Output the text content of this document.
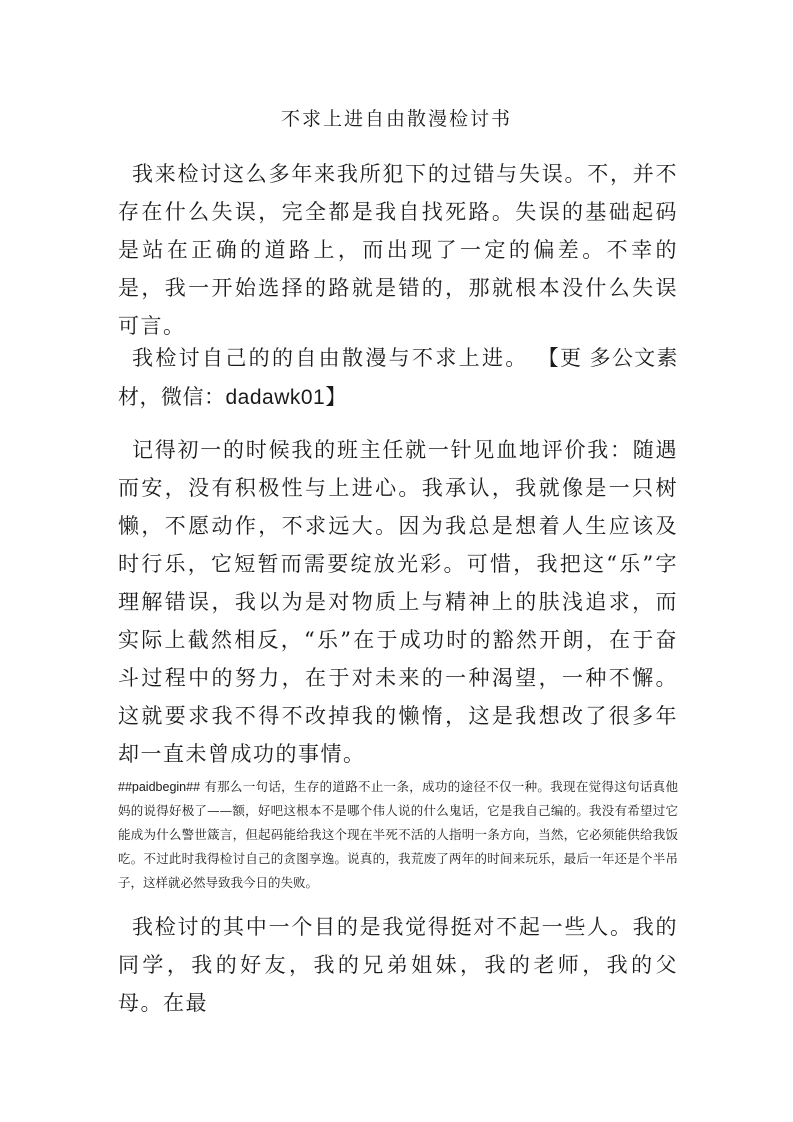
不求上进自由散漫检讨书

我来检讨这么多年来我所犯下的过错与失误。不，并不存在什么失误，完全都是我自找死路。失误的基础起码是站在正确的道路上，而出现了一定的偏差。不幸的是，我一开始选择的路就是错的，那就根本没什么失误可言。

我检讨自己的的自由散漫与不求上进。 【更 多公文素材，微信：dadawk01】

记得初一的时候我的班主任就一针见血地评价我：随遇而安，没有积极性与上进心。我承认，我就像是一只树懒，不愿动作，不求远大。因为我总是想着人生应该及时行乐，它短暂而需要绽放光彩。可惜，我把这“乐”字理解错误，我以为是对物质上与精神上的肤浅追求，而实际上截然相反，“乐”在于成功时的豁然开朗，在于奋斗过程中的努力，在于对未来的一种渴望，一种不懈。这就要求我不得不改掉我的懒惰，这是我想改了很多年却一直未曾成功的事情。

##paidbegin## 有那么一句话，生存的道路不止一条，成功的途径不仅一种。我现在觉得这句话真他妈的说得好极了——额，好吧这根本不是哪个伟人说的什么鬼话，它是我自己编的。我没有希望过它能成为什么警世箴言，但起码能给我这个现在半死不活的人指明一条方向，当然，它必须能供给我饭吃。不过此时我得检讨自己的贪图享逸。说真的，我荒废了两年的时间来玩乐，最后一年还是个半吊子，这样就必然导致我今日的失败。

我检讨的其中一个目的是我觉得挺对不起一些人。我的同学，我的好友，我的兄弟姐妹，我的老师，我的父母。在最
